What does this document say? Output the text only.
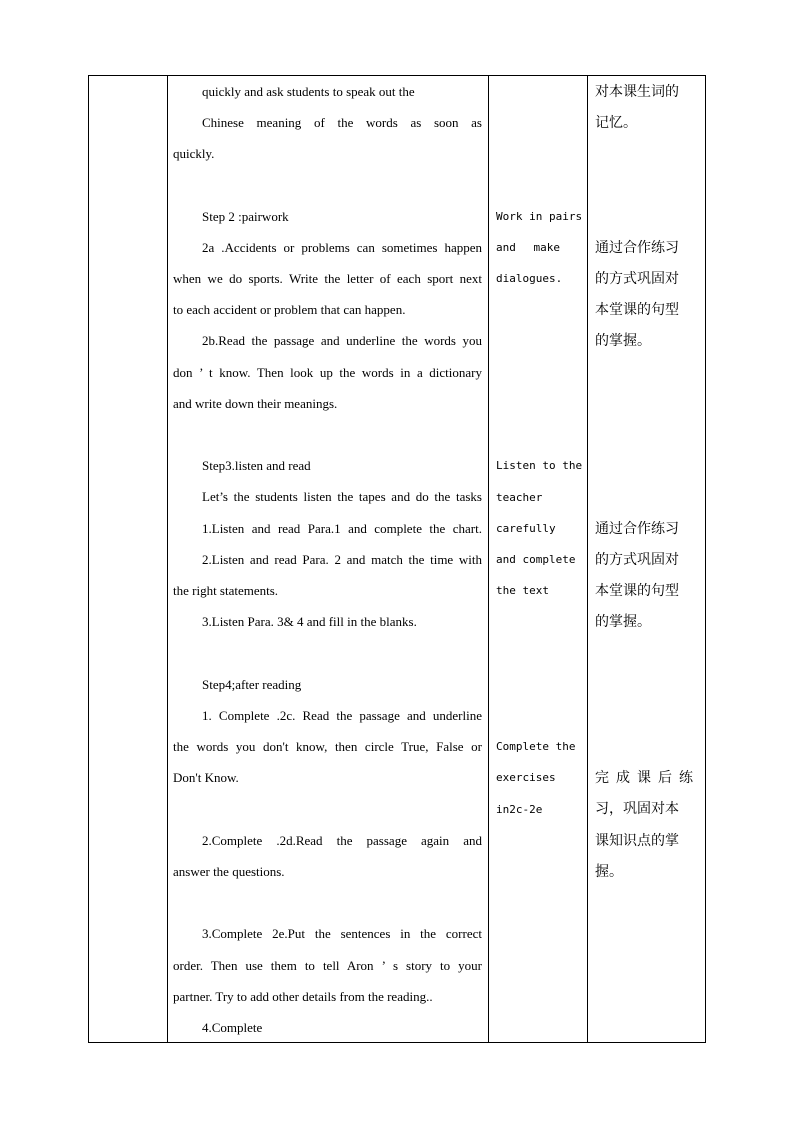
quickly and ask students to speak out the
Chinese meaning of the words as soon as
quickly.
Step 2 :pairwork
2a .Accidents or problems can sometimes happen
when we do sports. Write the letter of each sport next
to each accident or problem that can happen.
2b.Read the passage and underline the words you
don ’ t know. Then look up the words in a dictionary
and write down their meanings.
Step3.listen and read
Let’s the students listen the tapes and do the tasks
1.Listen and read Para.1 and complete the chart.
2.Listen and read Para. 2 and match the time with
the right statements.
3.Listen Para. 3& 4 and fill in the blanks.
Step4;after reading
1. Complete .2c. Read the passage and underline
the words you don't know, then circle True, False or
Don't Know.
2.Complete .2d.Read the passage again and
answer the questions.
3.Complete 2e.Put the sentences in the correct
order. Then use them to tell Aron ’ s story to your
partner. Try to add other details from the reading..
4.Complete
Work in pairs
and make
dialogues.
Listen to the
teacher
carefully
and complete
the text
Complete the
exercises
in2c-2e
对本课生词的
记忆。
通过合作练习
的方式巩固对
本堂课的句型
的掌握。
通过合作练习
的方式巩固对
本堂课的句型
的掌握。
完成课后练
习，巩固对本
课知识点的掌
握。
